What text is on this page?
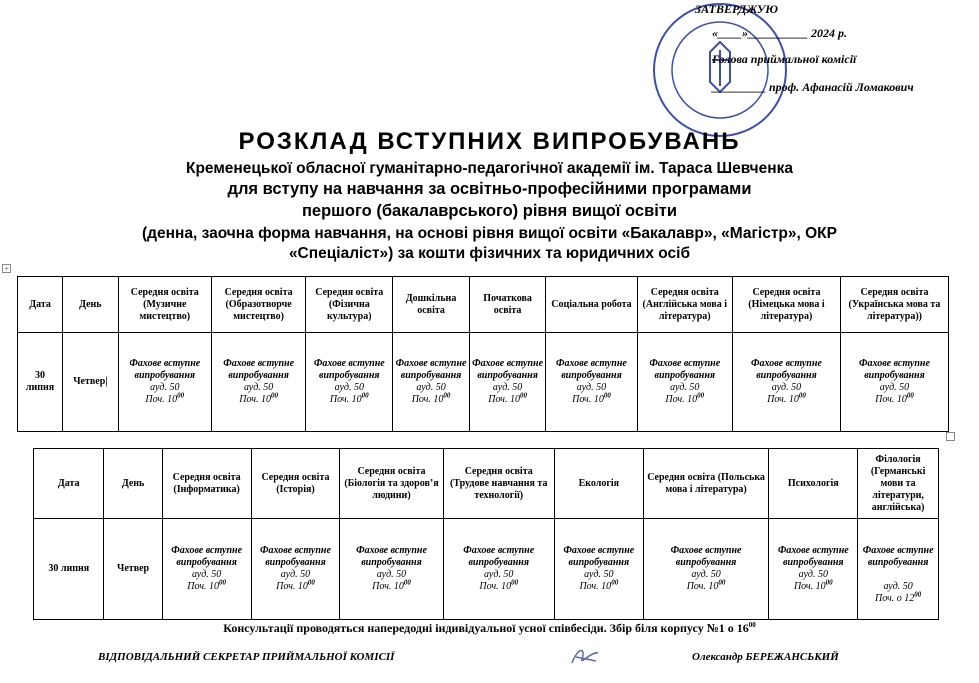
ЗАТВЕРДЖУЮ
«____»__________ 2024 р.
Голова приймальної комісії
_________ проф. Афанасій Ломакович
РОЗКЛАД ВСТУПНИХ ВИПРОБУВАНЬ
Кременецької обласної гуманітарно-педагогічної академії ім. Тараса Шевченка
для вступу на навчання за освітньо-професійними програмами
першого (бакалаврського) рівня вищої освіти
(денна, заочна форма навчання, на основі рівня вищої освіти «Бакалавр», «Магістр», ОКР
«Спеціаліст») за кошти фізичних та юридичних осіб
+
Дата	День	Середня освіта (Музичне мистецтво)	Середня освіта (Образотворче мистецтво)	Середня освіта (Фізична культура)	Дошкільна освіта	Початкова освіта	Соціальна робота	Середня освіта (Англійська мова і література)	Середня освіта (Німецька мова і література)	Середня освіта (Українська мова та література))
30 липня	Четвер|	Фахове вступне випробування
ауд. 50
Поч. $10^{00}$	Фахове вступне випробування
ауд. 50
Поч. $10^{00}$	Фахове вступне випробування
ауд. 50
Поч. $10^{00}$	Фахове вступне випробування
ауд. 50
Поч. $10^{00}$	Фахове вступне випробування
ауд. 50
Поч. $10^{00}$	Фахове вступне випробування
ауд. 50
Поч. $10^{00}$	Фахове вступне випробування
ауд. 50
Поч. $10^{00}$	Фахове вступне випробування
ауд. 50
Поч. $10^{00}$	Фахове вступне випробування
ауд. 50
Поч. $10^{00}$
Дата	День	Середня освіта (Інформатика)	Середня освіта (Історія)	Середня освіта (Біологія та здоров’я людини)	Середня освіта (Трудове навчання та технології)	Екологія	Середня освіта (Польська мова і література)	Психологія	Філологія (Германські мови та літератури, англійська)
30 липня	Четвер	Фахове вступне випробування
ауд. 50
Поч. $10^{00}$	Фахове вступне випробування
ауд. 50
Поч. $10^{00}$	Фахове вступне випробування
ауд. 50
Поч. $10^{00}$	Фахове вступне випробування
ауд. 50
Поч. $10^{00}$	Фахове вступне випробування
ауд. 50
Поч. $10^{00}$	Фахове вступне випробування
ауд. 50
Поч. $10^{00}$	Фахове вступне випробування
ауд. 50
Поч. $10^{00}$	Фахове вступне випробування

ауд. 50
Поч. о $12^{00}$
Консультації проводяться напередодні індивідуальної усної співбесіди. Збір біля корпусу №1 о $16^{00}$
ВІДПОВІДАЛЬНИЙ СЕКРЕТАР ПРИЙМАЛЬНОЇ КОМІСІЇ	Олександр БЕРЕЖАНСЬКИЙ
